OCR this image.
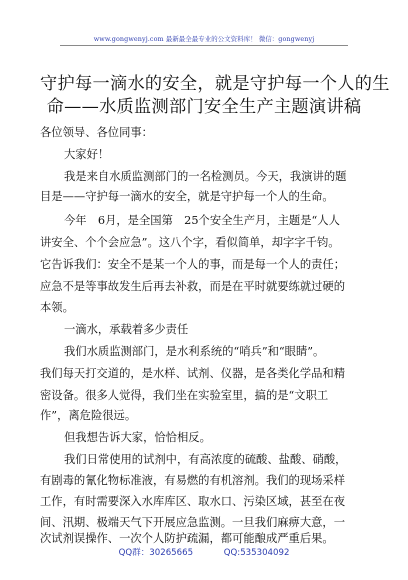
www.gongwenyj.com 最新最全最专业的公文资料库！ 微信：gongwenyj
守护每一滴水的安全，就是守护每一个人的生
命——水质监测部门安全生产主题演讲稿
各位领导、各位同事：
大家好！
我是来自水质监测部门的一名检测员。今天，我演讲的题
目是——守护每一滴水的安全，就是守护每一个人的生命。
今年　6月，是全国第　25个安全生产月，主题是“人人
讲安全、个个会应急”。这八个字，看似简单，却字字千钧。
它告诉我们：安全不是某一个人的事，而是每一个人的责任；
应急不是等事故发生后再去补救，而是在平时就要练就过硬的
本领。
一滴水，承载着多少责任
我们水质监测部门，是水利系统的“哨兵”和“眼睛”。
我们每天打交道的，是水样、试剂、仪器，是各类化学品和精
密设备。很多人觉得，我们坐在实验室里，搞的是“文职工
作”，离危险很远。
但我想告诉大家，恰恰相反。
我们日常使用的试剂中，有高浓度的硫酸、盐酸、硝酸，
有剧毒的氰化物标准液，有易燃的有机溶剂。我们的现场采样
工作，有时需要深入水库库区、取水口、污染区域，甚至在夜
间、汛期、极端天气下开展应急监测。一旦我们麻痹大意，一
次试剂误操作、一次个人防护疏漏，都可能酿成严重后果。
QQ群：30265665	QQ:535304092
